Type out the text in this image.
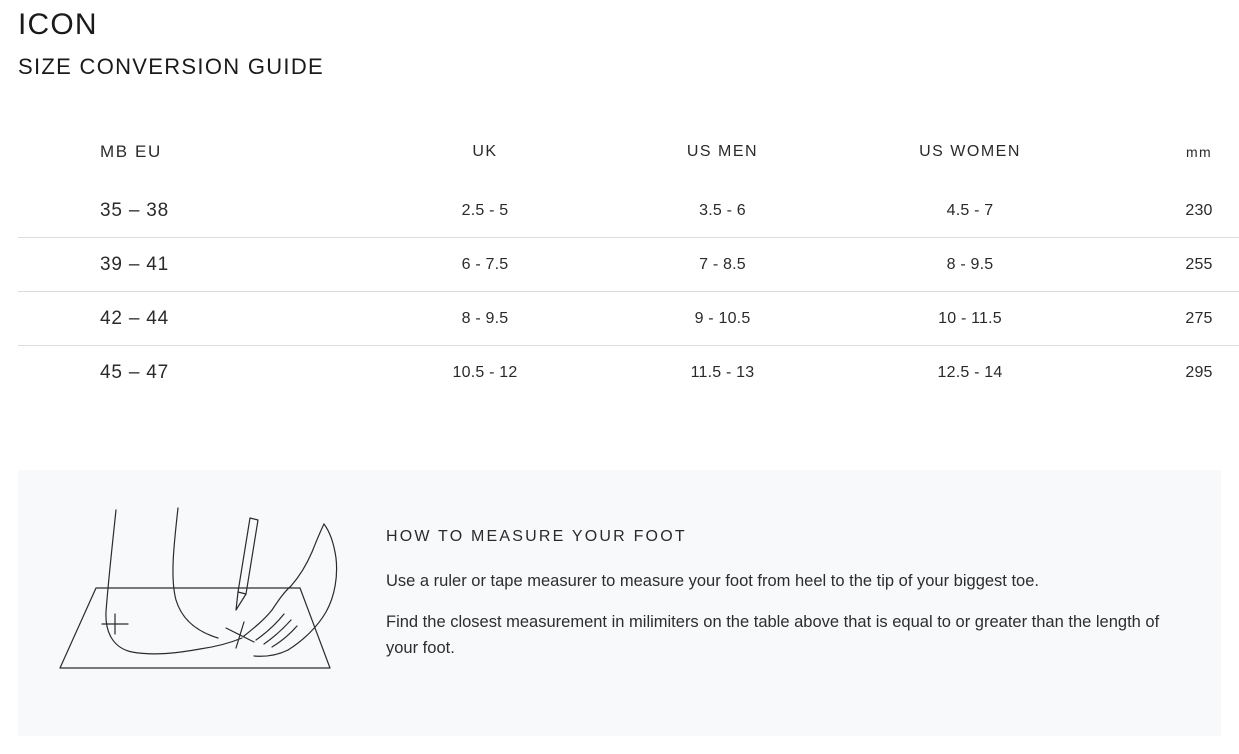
ICON
SIZE CONVERSION GUIDE
MB EU	UK	US MEN	US WOMEN	mm
35 – 38	2.5 - 5	3.5 - 6	4.5 - 7	230
39 – 41	6 - 7.5	7 - 8.5	8 - 9.5	255
42 – 44	8 - 9.5	9 - 10.5	10 - 11.5	275
45 – 47	10.5 - 12	11.5 - 13	12.5 - 14	295

HOW TO MEASURE YOUR FOOT

Use a ruler or tape measurer to measure your foot from heel to the tip of your biggest toe.

Find the closest measurement in milimiters on the table above that is equal to or greater than the length of your foot.
